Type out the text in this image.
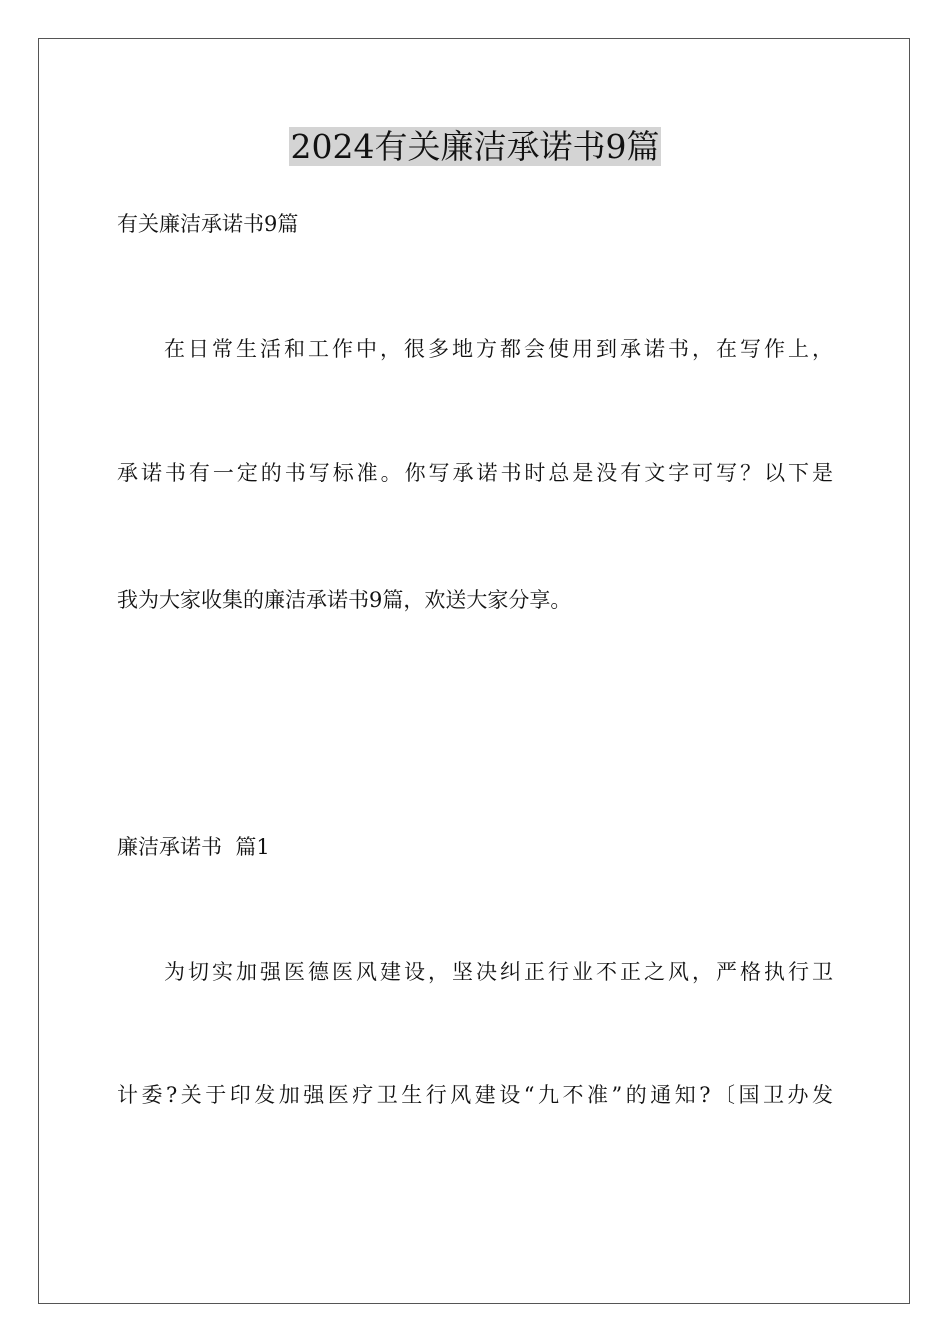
2024有关廉洁承诺书9篇
有关廉洁承诺书9篇
在日常生活和工作中，很多地方都会使用到承诺书，在写作上，
承诺书有一定的书写标准。你写承诺书时总是没有文字可写？以下是
我为大家收集的廉洁承诺书9篇，欢送大家分享。
廉洁承诺书  篇1
为切实加强医德医风建设，坚决纠正行业不正之风，严格执行卫
计委?关于印发加强医疗卫生行风建设“九不准”的通知?〔国卫办发
